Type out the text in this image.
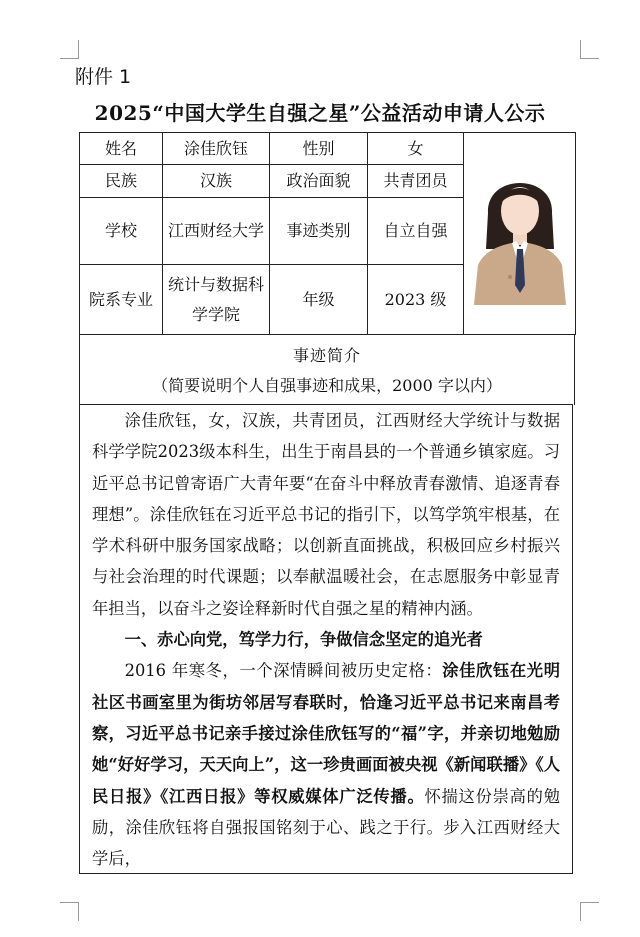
附件 1
2025“中国大学生自强之星”公益活动申请人公示
姓名	涂佳欣钰	性别	女	
民族	汉族	政治面貌	共青团员	
学校	江西财经大学	事迹类别	自立自强	
院系专业	统计与数据科学学院	年级	2023 级	
事迹简介
（简要说明个人自强事迹和成果，2000 字以内）

涂佳欣钰，女，汉族，共青团员，江西财经大学统计与数据科学学院2023级本科生，出生于南昌县的一个普通乡镇家庭。习近平总书记曾寄语广大青年要“在奋斗中释放青春激情、追逐青春理想”。涂佳欣钰在习近平总书记的指引下，以笃学筑牢根基，在学术科研中服务国家战略；以创新直面挑战，积极回应乡村振兴与社会治理的时代课题；以奉献温暖社会，在志愿服务中彰显青年担当，以奋斗之姿诠释新时代自强之星的精神内涵。

一、赤心向党，笃学力行，争做信念坚定的追光者

2016 年寒冬，一个深情瞬间被历史定格：涂佳欣钰在光明社区书画室里为街坊邻居写春联时，恰逢习近平总书记来南昌考察，习近平总书记亲手接过涂佳欣钰写的“福”字，并亲切地勉励她“好好学习，天天向上”，这一珍贵画面被央视《新闻联播》《人民日报》《江西日报》等权威媒体广泛传播。怀揣这份崇高的勉励，涂佳欣钰将自强报国铭刻于心、践之于行。步入江西财经大学后，
